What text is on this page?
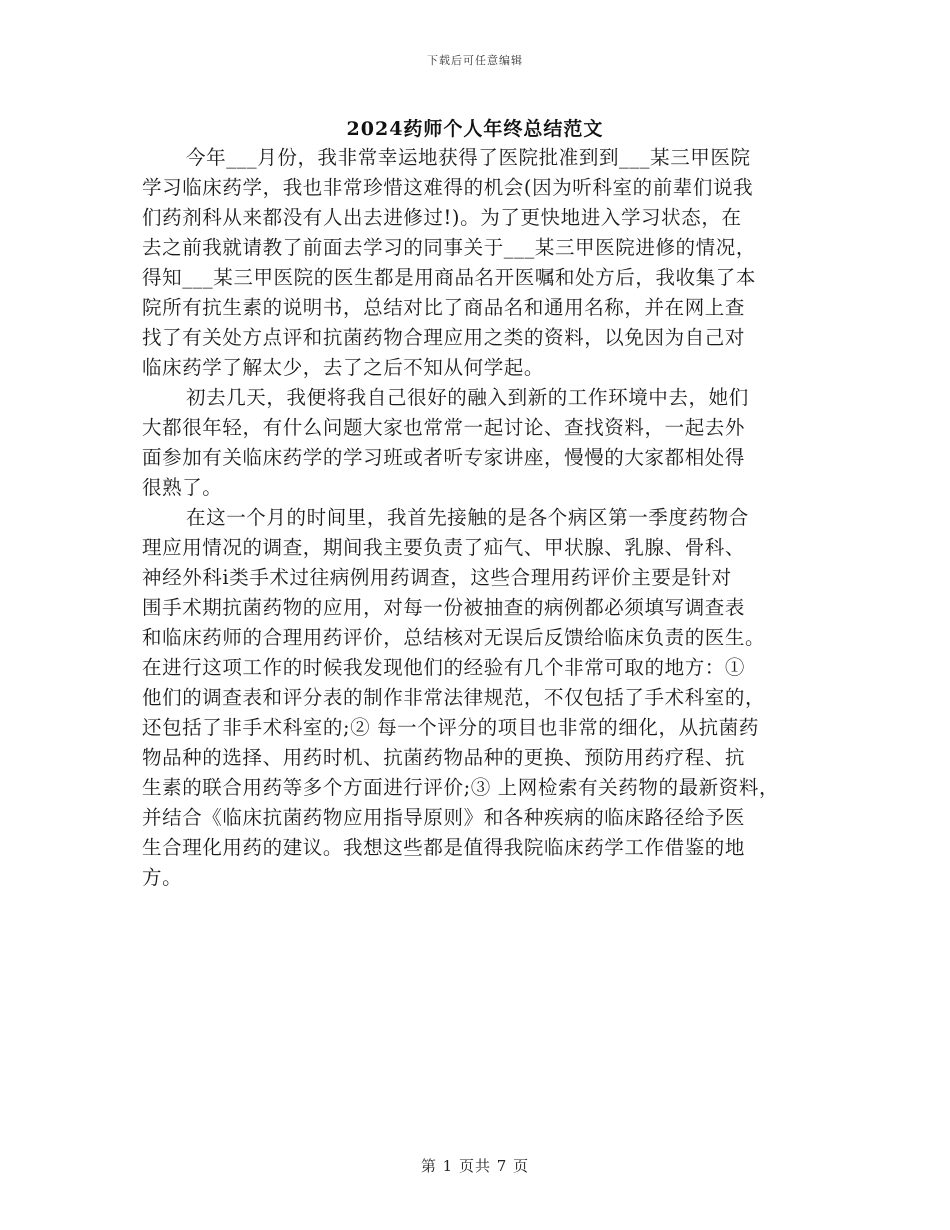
下载后可任意编辑
2024药师个人年终总结范文
今年___月份，我非常幸运地获得了医院批准到到___某三甲医院
学习临床药学，我也非常珍惜这难得的机会(因为听科室的前辈们说我
们药剂科从来都没有人出去进修过!)。为了更快地进入学习状态，在
去之前我就请教了前面去学习的同事关于___某三甲医院进修的情况，
得知___某三甲医院的医生都是用商品名开医嘱和处方后，我收集了本
院所有抗生素的说明书，总结对比了商品名和通用名称，并在网上查
找了有关处方点评和抗菌药物合理应用之类的资料，以免因为自己对
临床药学了解太少，去了之后不知从何学起。
初去几天，我便将我自己很好的融入到新的工作环境中去，她们
大都很年轻，有什么问题大家也常常一起讨论、查找资料，一起去外
面参加有关临床药学的学习班或者听专家讲座，慢慢的大家都相处得
很熟了。
在这一个月的时间里，我首先接触的是各个病区第一季度药物合
理应用情况的调查，期间我主要负责了疝气、甲状腺、乳腺、骨科、
神经外科ⅰ类手术过往病例用药调查，这些合理用药评价主要是针对
围手术期抗菌药物的应用，对每一份被抽查的病例都必须填写调查表
和临床药师的合理用药评价，总结核对无误后反馈给临床负责的医生。
在进行这项工作的时候我发现他们的经验有几个非常可取的地方：①
他们的调查表和评分表的制作非常法律规范，不仅包括了手术科室的，
还包括了非手术科室的;② 每一个评分的项目也非常的细化，从抗菌药
物品种的选择、用药时机、抗菌药物品种的更换、预防用药疗程、抗
生素的联合用药等多个方面进行评价;③ 上网检索有关药物的最新资料，
并结合《临床抗菌药物应用指导原则》和各种疾病的临床路径给予医
生合理化用药的建议。我想这些都是值得我院临床药学工作借鉴的地
方。
第 1 页共 7 页
